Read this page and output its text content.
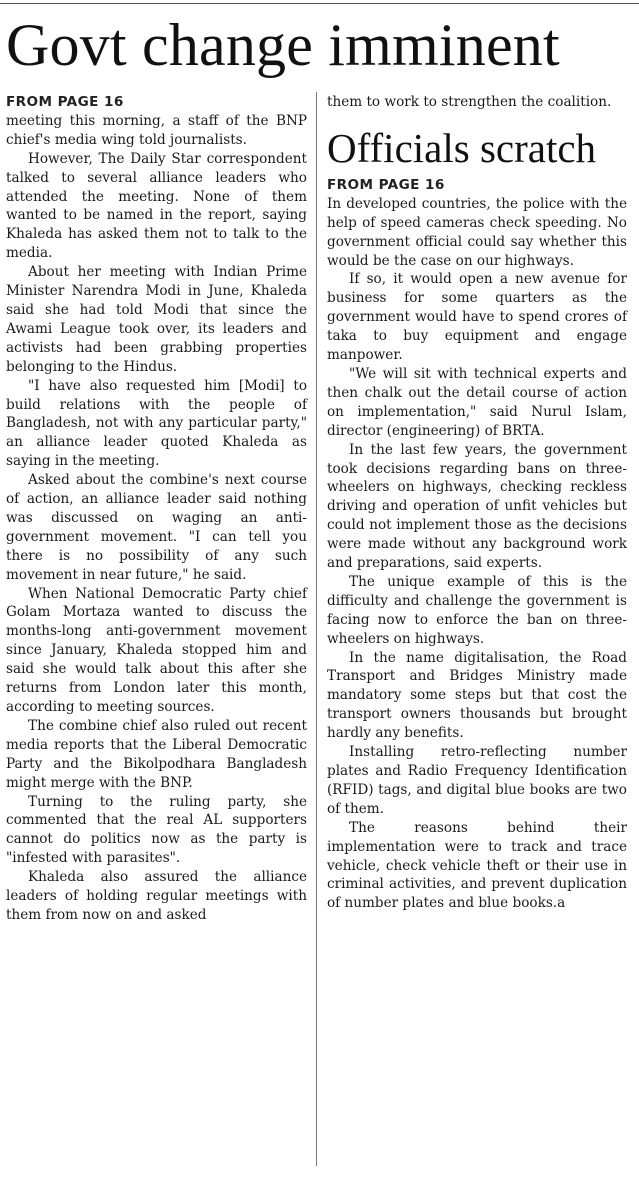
Govt change imminent

FROM PAGE 16

meeting this morning, a staff of the BNP chief's media wing told journalists.

However, The Daily Star correspondent talked to several alliance leaders who attended the meeting. None of them wanted to be named in the report, saying Khaleda has asked them not to talk to the media.

About her meeting with Indian Prime Minister Narendra Modi in June, Khaleda said she had told Modi that since the Awami League took over, its leaders and activists had been grabbing properties belonging to the Hindus.

"I have also requested him [Modi] to build relations with the people of Bangladesh, not with any particular party," an alliance leader quoted Khaleda as saying in the meeting.

Asked about the combine's next course of action, an alliance leader said nothing was discussed on waging an anti-government movement. "I can tell you there is no possibility of any such movement in near future," he said.

When National Democratic Party chief Golam Mortaza wanted to discuss the months-long anti-government movement since January, Khaleda stopped him and said she would talk about this after she returns from London later this month, according to meeting sources.

The combine chief also ruled out recent media reports that the Liberal Democratic Party and the Bikolpodhara Bangladesh might merge with the BNP.

Turning to the ruling party, she commented that the real AL supporters cannot do politics now as the party is "infested with parasites".

Khaleda also assured the alliance leaders of holding regular meetings with them from now on and asked

them to work to strengthen the coalition.

Officials scratch

FROM PAGE 16

In developed countries, the police with the help of speed cameras check speeding. No government official could say whether this would be the case on our highways.

If so, it would open a new avenue for business for some quarters as the government would have to spend crores of taka to buy equipment and engage manpower.

"We will sit with technical experts and then chalk out the detail course of action on implementation," said Nurul Islam, director (engineering) of BRTA.

In the last few years, the government took decisions regarding bans on three-wheelers on highways, checking reckless driving and operation of unfit vehicles but could not implement those as the decisions were made without any background work and preparations, said experts.

The unique example of this is the difficulty and challenge the government is facing now to enforce the ban on three-wheelers on highways.

In the name digitalisation, the Road Transport and Bridges Ministry made mandatory some steps but that cost the transport owners thousands but brought hardly any benefits.

Installing retro-reflecting number plates and Radio Frequency Identification (RFID) tags, and digital blue books are two of them.

The reasons behind their implementation were to track and trace vehicle, check vehicle theft or their use in criminal activities, and prevent duplication of number plates and blue books.a
